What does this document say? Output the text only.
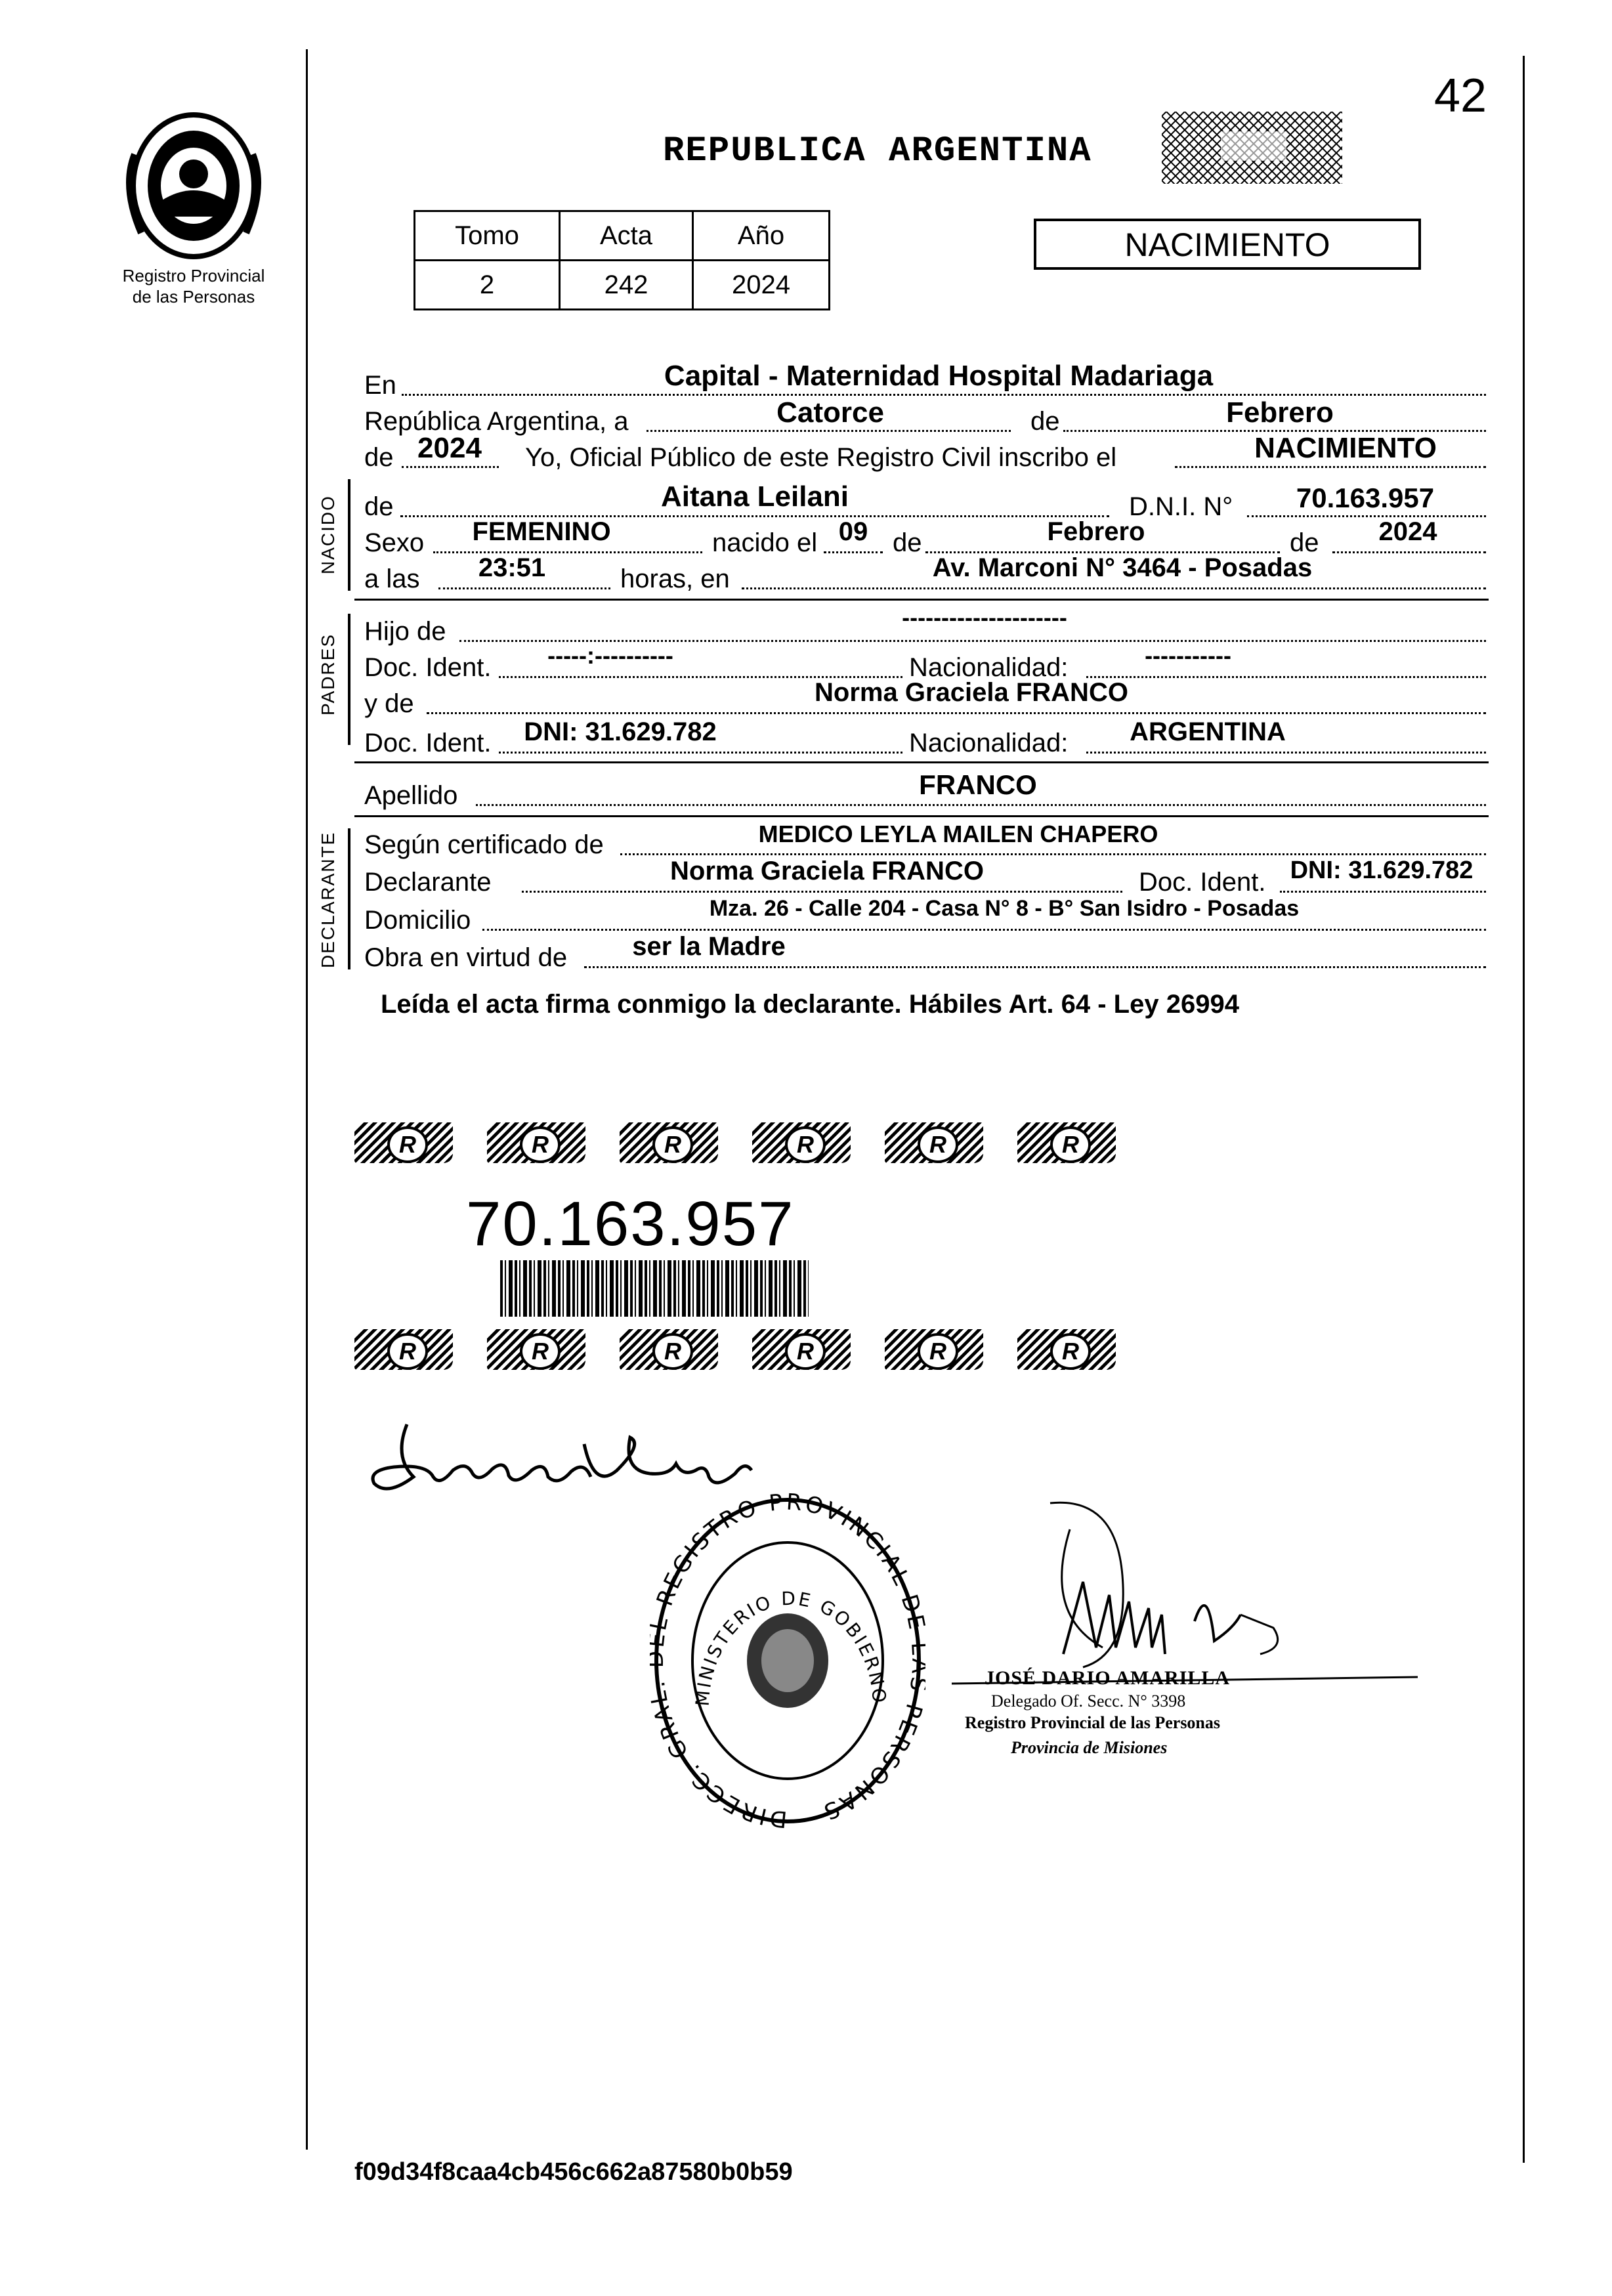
42
Registro Provincial
de las Personas
REPUBLICA ARGENTINA
Tomo	Acta	Año
2	242	2024
NACIMIENTO
En	Capital - Maternidad Hospital Madariaga
República Argentina, a	Catorce	de	Febrero
de 2024	Yo, Oficial Público de este Registro Civil inscribo el	NACIMIENTO
NACIDO de	Aitana Leilani	D.N.I. N°	70.163.957
Sexo	FEMENINO	nacido el 09 de	Febrero	de	2024
a las	23:51	horas, en	Av. Marconi N° 3464 - Posadas
PADRES
Hijo de	---------------------
Doc. Ident.	-----:----------	Nacionalidad:	-----------
y de	Norma Graciela FRANCO
Doc. Ident.	DNI: 31.629.782	Nacionalidad:	ARGENTINA
Apellido	FRANCO
DECLARANTE Según certificado de	MEDICO LEYLA MAILEN CHAPERO
Declarante	Norma Graciela FRANCO	Doc. Ident. DNI: 31.629.782
Domicilio	Mza. 26 - Calle 204 - Casa N° 8 - B° San Isidro - Posadas
Obra en virtud de	ser la Madre
Leída el acta firma conmigo la declarante. Hábiles Art. 64 - Ley 26994
R	R	R	R	R	R
70.163.957
R	R	R	R	R	R
DIRECC. GRA REGISTRO PROVINCIAL D PERSONAS
MINISTERIO DE GOBIERNO
JOSÉ DARIO AMARILLA
Delegado Of. Secc. N° 3398
Registro Provincial de las Personas
Provincia de Misiones
f09d34f8caa4cb456c662a87580b0b59
